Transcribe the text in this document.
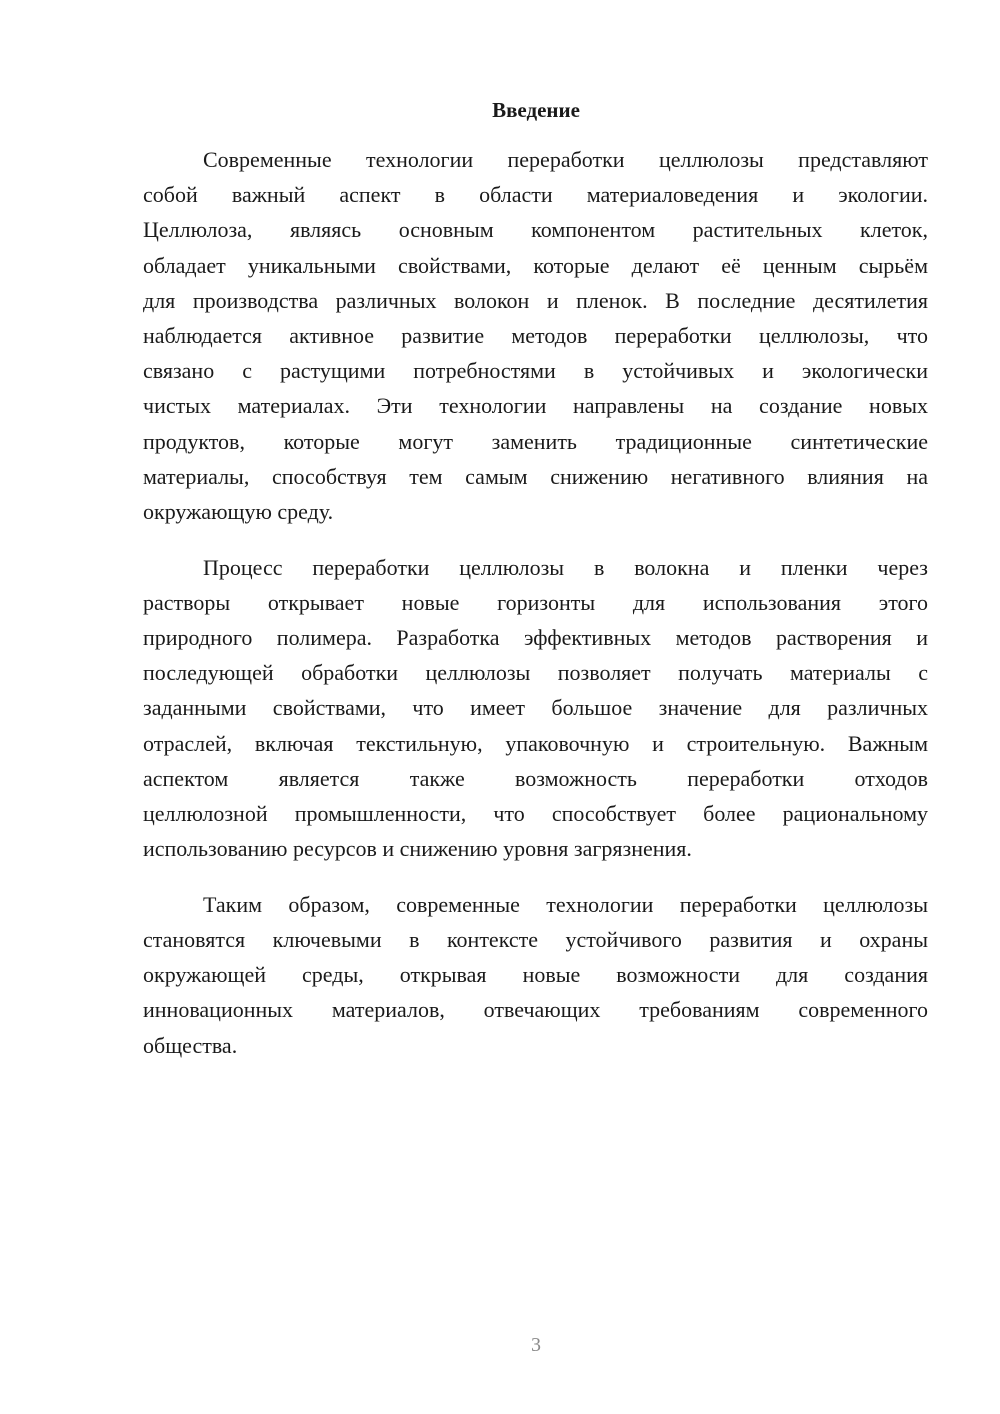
Введение
Современные технологии переработки целлюлозы представляют
собой важный аспект в области материаловедения и экологии.
Целлюлоза, являясь основным компонентом растительных клеток,
обладает уникальными свойствами, которые делают её ценным сырьём
для производства различных волокон и пленок. В последние десятилетия
наблюдается активное развитие методов переработки целлюлозы, что
связано с растущими потребностями в устойчивых и экологически
чистых материалах. Эти технологии направлены на создание новых
продуктов, которые могут заменить традиционные синтетические
материалы, способствуя тем самым снижению негативного влияния на
окружающую среду.
Процесс переработки целлюлозы в волокна и пленки через
растворы открывает новые горизонты для использования этого
природного полимера. Разработка эффективных методов растворения и
последующей обработки целлюлозы позволяет получать материалы с
заданными свойствами, что имеет большое значение для различных
отраслей, включая текстильную, упаковочную и строительную. Важным
аспектом является также возможность переработки отходов
целлюлозной промышленности, что способствует более рациональному
использованию ресурсов и снижению уровня загрязнения.
Таким образом, современные технологии переработки целлюлозы
становятся ключевыми в контексте устойчивого развития и охраны
окружающей среды, открывая новые возможности для создания
инновационных материалов, отвечающих требованиям современного
общества.
3
